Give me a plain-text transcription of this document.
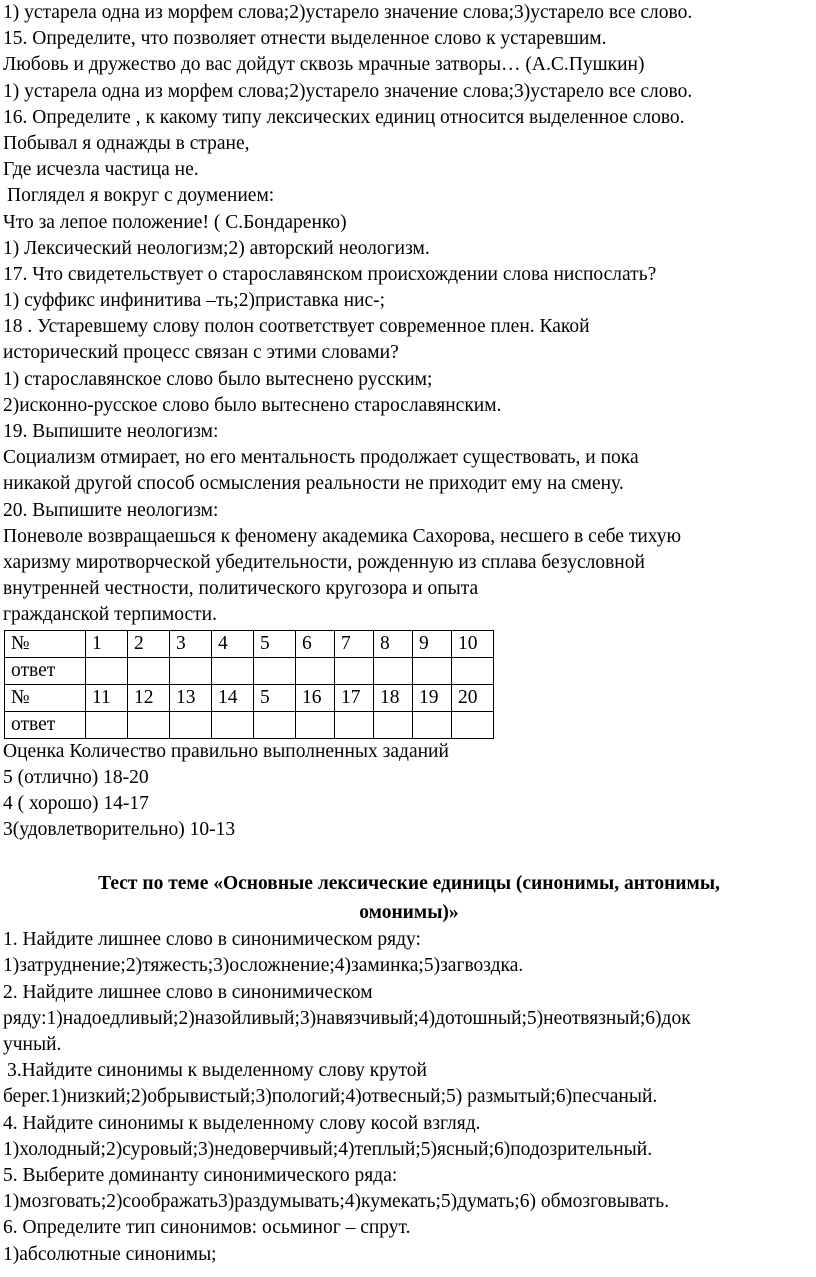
1) устарела одна из морфем слова;2)устарело значение слова;3)устарело все слово.
15. Определите, что позволяет отнести выделенное слово к устаревшим.
Любовь и дружество до вас дойдут сквозь мрачные затворы… (А.С.Пушкин)
1) устарела одна из морфем слова;2)устарело значение слова;3)устарело все слово.
16. Определите , к какому типу лексических единиц относится выделенное слово.
Побывал я однажды в стране,
Где исчезла частица не.
Поглядел я вокруг с доумением:
Что за лепое положение! ( С.Бондаренко)
1) Лексический неологизм;2) авторский неологизм.
17. Что свидетельствует о старославянском происхождении слова ниспослать?
1) суффикс инфинитива –ть;2)приставка нис-;
18 . Устаревшему слову полон соответствует современное плен. Какой
исторический процесс связан с этими словами?
1) старославянское слово было вытеснено русским;
2)исконно-русское слово было вытеснено старославянским.
19. Выпишите неологизм:
Социализм отмирает, но его ментальность продолжает существовать, и пока
никакой другой способ осмысления реальности не приходит ему на смену.
20. Выпишите неологизм:
Поневоле возвращаешься к феномену академика Сахорова, несшего в себе тихую
харизму миротворческой убедительности, рожденную из сплава безусловной
внутренней честности, политического кругозора и опыта
гражданской терпимости.
№	1	2	3	4	5	6	7	8	9	10
ответ										
№	11	12	13	14	5	16	17	18	19	20
ответ										
Оценка Количество правильно выполненных заданий
5 (отлично) 18-20
4 ( хорошо) 14-17
3(удовлетворительно) 10-13
Тест по теме «Основные лексические единицы (синонимы, антонимы,
омонимы)»
1. Найдите лишнее слово в синонимическом ряду:
1)затруднение;2)тяжесть;3)осложнение;4)заминка;5)загвоздка.
2. Найдите лишнее слово в синонимическом
ряду:1)надоедливый;2)назойливый;3)навязчивый;4)дотошный;5)неотвязный;6)док
учный.
3.Найдите синонимы к выделенному слову крутой
берег.1)низкий;2)обрывистый;3)пологий;4)отвесный;5) размытый;6)песчаный.
4. Найдите синонимы к выделенному слову косой взгляд.
1)холодный;2)суровый;3)недоверчивый;4)теплый;5)ясный;6)подозрительный.
5. Выберите доминанту синонимического ряда:
1)мозговать;2)соображать3)раздумывать;4)кумекать;5)думать;6) обмозговывать.
6. Определите тип синонимов: осьминог – спрут.
1)абсолютные синонимы;
